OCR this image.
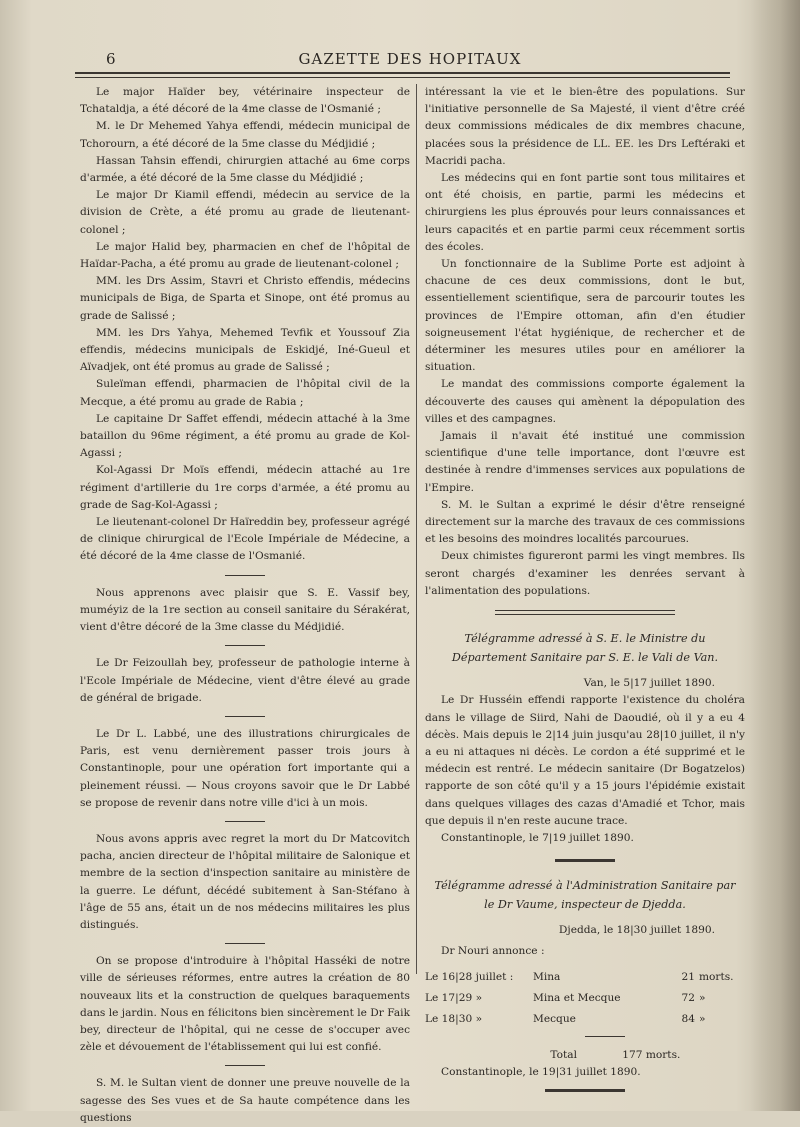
6	GAZETTE DES HOPITAUX

Le major Haïder bey, vétérinaire inspecteur de Tchataldja, a été décoré de la 4me classe de l'Osmanié ;

M. le Dr Mehemed Yahya effendi, médecin municipal de Tchorourn, a été décoré de la 5me classe du Médjidié ;

Hassan Tahsin effendi, chirurgien attaché au 6me corps d'armée, a été décoré de la 5me classe du Médjidié ;

Le major Dr Kiamil effendi, médecin au service de la division de Crète, a été promu au grade de lieutenant-colonel ;

Le major Halid bey, pharmacien en chef de l'hôpital de Haïdar-Pacha, a été promu au grade de lieutenant-colonel ;

MM. les Drs Assim, Stavri et Christo effendis, médecins municipals de Biga, de Sparta et Sinope, ont été promus au grade de Salissé ;

MM. les Drs Yahya, Mehemed Tevfik et Youssouf Zia effendis, médecins municipals de Eskidjé, Iné-Gueul et Aïvadjek, ont été promus au grade de Salissé ;

Suleïman effendi, pharmacien de l'hôpital civil de la Mecque, a été promu au grade de Rabia ;

Le capitaine Dr Saffet effendi, médecin attaché à la 3me bataillon du 96me régiment, a été promu au grade de Kol-Agassi ;

Kol-Agassi Dr Moïs effendi, médecin attaché au 1re régiment d'artillerie du 1re corps d'armée, a été promu au grade de Sag-Kol-Agassi ;

Le lieutenant-colonel Dr Haïreddin bey, professeur agrégé de clinique chirurgical de l'Ecole Impériale de Médecine, a été décoré de la 4me classe de l'Osmanié.

Nous apprenons avec plaisir que S. E. Vassif bey, muméyiz de la 1re section au conseil sanitaire du Sérakérat, vient d'être décoré de la 3me classe du Médjidié.

Le Dr Feizoullah bey, professeur de pathologie interne à l'Ecole Impériale de Médecine, vient d'être élevé au grade de général de brigade.

Le Dr L. Labbé, une des illustrations chirurgicales de Paris, est venu dernièrement passer trois jours à Constantinople, pour une opération fort importante qui a pleinement réussi. — Nous croyons savoir que le Dr Labbé se propose de revenir dans notre ville d'ici à un mois.

Nous avons appris avec regret la mort du Dr Matcovitch pacha, ancien directeur de l'hôpital militaire de Salonique et membre de la section d'inspection sanitaire au ministère de la guerre. Le défunt, décédé subitement à San-Stéfano à l'âge de 55 ans, était un de nos médecins militaires les plus distingués.

On se propose d'introduire à l'hôpital Hasséki de notre ville de sérieuses réformes, entre autres la création de 80 nouveaux lits et la construction de quelques baraquements dans le jardin. Nous en félicitons bien sincèrement le Dr Faik bey, directeur de l'hôpital, qui ne cesse de s'occuper avec zèle et dévouement de l'établissement qui lui est confié.

S. M. le Sultan vient de donner une preuve nouvelle de la sagesse des Ses vues et de Sa haute compétence dans les questions

intéressant la vie et le bien-être des populations. Sur l'initiative personnelle de Sa Majesté, il vient d'être créé deux commissions médicales de dix membres chacune, placées sous la présidence de LL. EE. les Drs Leftéraki et Macridi pacha.

Les médecins qui en font partie sont tous militaires et ont été choisis, en partie, parmi les médecins et chirurgiens les plus éprouvés pour leurs connaissances et leurs capacités et en partie parmi ceux récemment sortis des écoles.

Un fonctionnaire de la Sublime Porte est adjoint à chacune de ces deux commissions, dont le but, essentiellement scientifique, sera de parcourir toutes les provinces de l'Empire ottoman, afin d'en étudier soigneusement l'état hygiénique, de rechercher et de déterminer les mesures utiles pour en améliorer la situation.

Le mandat des commissions comporte également la découverte des causes qui amènent la dépopulation des villes et des campagnes.

Jamais il n'avait été institué une commission scientifique d'une telle importance, dont l'œuvre est destinée à rendre d'immenses services aux populations de l'Empire.

S. M. le Sultan a exprimé le désir d'être renseigné directement sur la marche des travaux de ces commissions et les besoins des moindres localités parcourues.

Deux chimistes figureront parmi les vingt membres. Ils seront chargés d'examiner les denrées servant à l'alimentation des populations.

Télégramme adressé à S. E. le Ministre du Département Sanitaire par S. E. le Vali de Van.

Van, le 5|17 juillet 1890.

Le Dr Husséin effendi rapporte l'existence du choléra dans le village de Siird, Nahi de Daoudié, où il y a eu 4 décès. Mais depuis le 2|14 juin jusqu'au 28|10 juillet, il n'y a eu ni attaques ni décès. Le cordon a été supprimé et le médecin est rentré. Le médecin sanitaire (Dr Bogatzelos) rapporte de son côté qu'il y a 15 jours l'épidémie existait dans quelques villages des cazas d'Amadié et Tchor, mais que depuis il n'en reste aucune trace.

Constantinople, le 7|19 juillet 1890.

Télégramme adressé à l'Administration Sanitaire par le Dr Vaume, inspecteur de Djedda.

Djedda, le 18|30 juillet 1890.

Dr Nouri annonce :

Le 16|28 juillet :	Mina	21	morts.
Le 17|29 »	Mina et Mecque	72	»
Le 18|30 »	Mecque	84	»

Total	177 morts.

Constantinople, le 19|31 juillet 1890.
